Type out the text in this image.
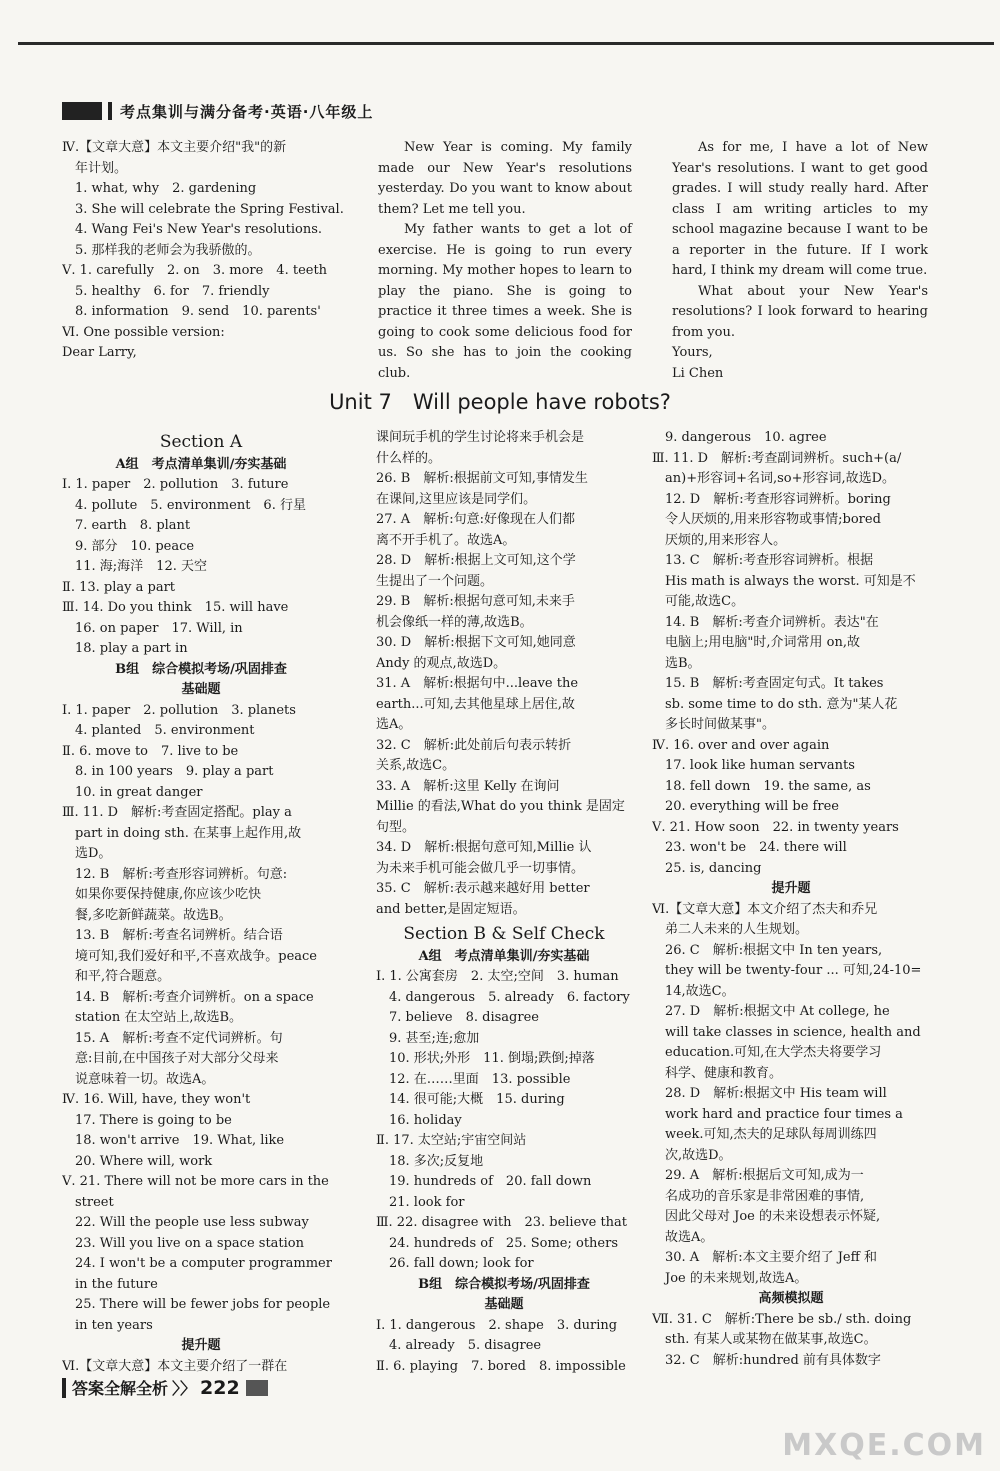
考点集训与满分备考·英语·八年级上
Ⅳ.【文章大意】本文主要介绍"我"的新
　年计划。
　1. what, why　2. gardening
　3. She will celebrate the Spring Festival.
　4. Wang Fei's New Year's resolutions.
　5. 那样我的老师会为我骄傲的。
Ⅴ. 1. carefully　2. on　3. more　4. teeth
　5. healthy　6. for　7. friendly
　8. information　9. send　10. parents'
Ⅵ. One possible version:
Dear Larry,

New Year is coming. My family made our New Year's resolutions yesterday. Do you want to know about them? Let me tell you.

My father wants to get a lot of exercise. He is going to run every morning. My mother hopes to learn to play the piano. She is going to practice it three times a week. She is going to cook some delicious food for us. So she has to join the cooking club.

As for me, I have a lot of New Year's resolutions. I want to get good grades. I will study really hard. After class I am writing articles to my school magazine because I want to be a reporter in the future. If I work hard, I think my dream will come true.

What about your New Year's resolutions? I look forward to hearing from you.

Yours,

Li Chen

Unit 7　Will people have robots?
Section A
A组　考点清单集训/夯实基础
Ⅰ. 1. paper　2. pollution　3. future
　4. pollute　5. environment　6. 行星
　7. earth　8. plant
　9. 部分　10. peace
　11. 海;海洋　12. 天空
Ⅱ. 13. play a part
Ⅲ. 14. Do you think　15. will have
　16. on paper　17. Will, in
　18. play a part in
B组　综合模拟考场/巩固排查
基础题
Ⅰ. 1. paper　2. pollution　3. planets
　4. planted　5. environment
Ⅱ. 6. move to　7. live to be
　8. in 100 years　9. play a part
　10. in great danger
Ⅲ. 11. D　解析:考查固定搭配。play a
　part in doing sth. 在某事上起作用,故
　选D。
　12. B　解析:考查形容词辨析。句意:
　如果你要保持健康,你应该少吃快
　餐,多吃新鲜蔬菜。故选B。
　13. B　解析:考查名词辨析。结合语
　境可知,我们爱好和平,不喜欢战争。peace
　和平,符合题意。
　14. B　解析:考查介词辨析。on a space
　station 在太空站上,故选B。
　15. A　解析:考查不定代词辨析。句
　意:目前,在中国孩子对大部分父母来
　说意味着一切。故选A。
Ⅳ. 16. Will, have, they won't
　17. There is going to be
　18. won't arrive　19. What, like
　20. Where will, work
Ⅴ. 21. There will not be more cars in the
　street
　22. Will the people use less subway
　23. Will you live on a space station
　24. I won't be a computer programmer
　in the future
　25. There will be fewer jobs for people
　in ten years
提升题
Ⅵ.【文章大意】本文主要介绍了一群在
课间玩手机的学生讨论将来手机会是
什么样的。
26. B　解析:根据前文可知,事情发生
在课间,这里应该是同学们。
27. A　解析:句意:好像现在人们都
离不开手机了。故选A。
28. D　解析:根据上文可知,这个学
生提出了一个问题。
29. B　解析:根据句意可知,未来手
机会像纸一样的薄,故选B。
30. D　解析:根据下文可知,她同意
Andy 的观点,故选D。
31. A　解析:根据句中...leave the
earth...可知,去其他星球上居住,故
选A。
32. C　解析:此处前后句表示转折
关系,故选C。
33. A　解析:这里 Kelly 在询问
Millie 的看法,What do you think 是固定
句型。
34. D　解析:根据句意可知,Millie 认
为未来手机可能会做几乎一切事情。
35. C　解析:表示越来越好用 better
and better,是固定短语。
Section B & Self Check
A组　考点清单集训/夯实基础
Ⅰ. 1. 公寓套房　2. 太空;空间　3. human
　4. dangerous　5. already　6. factory
　7. believe　8. disagree
　9. 甚至;连;愈加
　10. 形状;外形　11. 倒塌;跌倒;掉落
　12. 在……里面　13. possible
　14. 很可能;大概　15. during
　16. holiday
Ⅱ. 17. 太空站;宇宙空间站
　18. 多次;反复地
　19. hundreds of　20. fall down
　21. look for
Ⅲ. 22. disagree with　23. believe that
　24. hundreds of　25. Some; others
　26. fall down; look for
B组　综合模拟考场/巩固排查
基础题
Ⅰ. 1. dangerous　2. shape　3. during
　4. already　5. disagree
Ⅱ. 6. playing　7. bored　8. impossible
　9. dangerous　10. agree
Ⅲ. 11. D　解析:考查副词辨析。such+(a/
　an)+形容词+名词,so+形容词,故选D。
　12. D　解析:考查形容词辨析。boring
　令人厌烦的,用来形容物或事情;bored
　厌烦的,用来形容人。
　13. C　解析:考查形容词辨析。根据
　His math is always the worst. 可知是不
　可能,故选C。
　14. B　解析:考查介词辨析。表达"在
　电脑上;用电脑"时,介词常用 on,故
　选B。
　15. B　解析:考查固定句式。It takes
　sb. some time to do sth. 意为"某人花
　多长时间做某事"。
Ⅳ. 16. over and over again
　17. look like human servants
　18. fell down　19. the same, as
　20. everything will be free
Ⅴ. 21. How soon　22. in twenty years
　23. won't be　24. there will
　25. is, dancing
提升题
Ⅵ.【文章大意】本文介绍了杰夫和乔兄
　弟二人未来的人生规划。
　26. C　解析:根据文中 In ten years,
　they will be twenty-four ... 可知,24-10=
　14,故选C。
　27. D　解析:根据文中 At college, he
　will take classes in science, health and
　education.可知,在大学杰夫将要学习
　科学、健康和教育。
　28. D　解析:根据文中 His team will
　work hard and practice four times a
　week.可知,杰夫的足球队每周训练四
　次,故选D。
　29. A　解析:根据后文可知,成为一
　名成功的音乐家是非常困难的事情,
　因此父母对 Joe 的未来设想表示怀疑,
　故选A。
　30. A　解析:本文主要介绍了 Jeff 和
　Joe 的未来规划,故选A。
高频模拟题
Ⅶ. 31. C　解析:There be sb./ sth. doing
　sth. 有某人或某物在做某事,故选C。
　32. C　解析:hundred 前有具体数字
答案全解全析 〉〉 222
MXQE.COM
